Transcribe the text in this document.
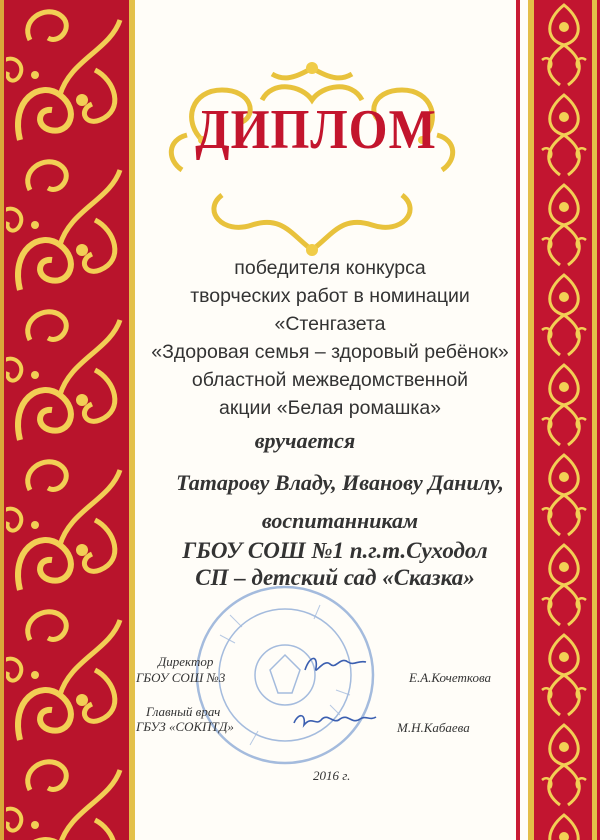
ДИПЛОМ
победителя конкурса
творческих работ в номинации
«Стенгазета
«Здоровая семья – здоровый ребёнок»
областной межведомственной
акции «Белая ромашка»
вручается
Татарову Владу, Иванову Данилу,
воспитанникам
ГБОУ СОШ №1 п.г.т.Суходол
СП – детский сад «Сказка»
Директор
ГБОУ СОШ №3	Е.А.Кочеткова
Главный врач
ГБУЗ «СОКПТД»	М.Н.Кабаева
2016 г.
